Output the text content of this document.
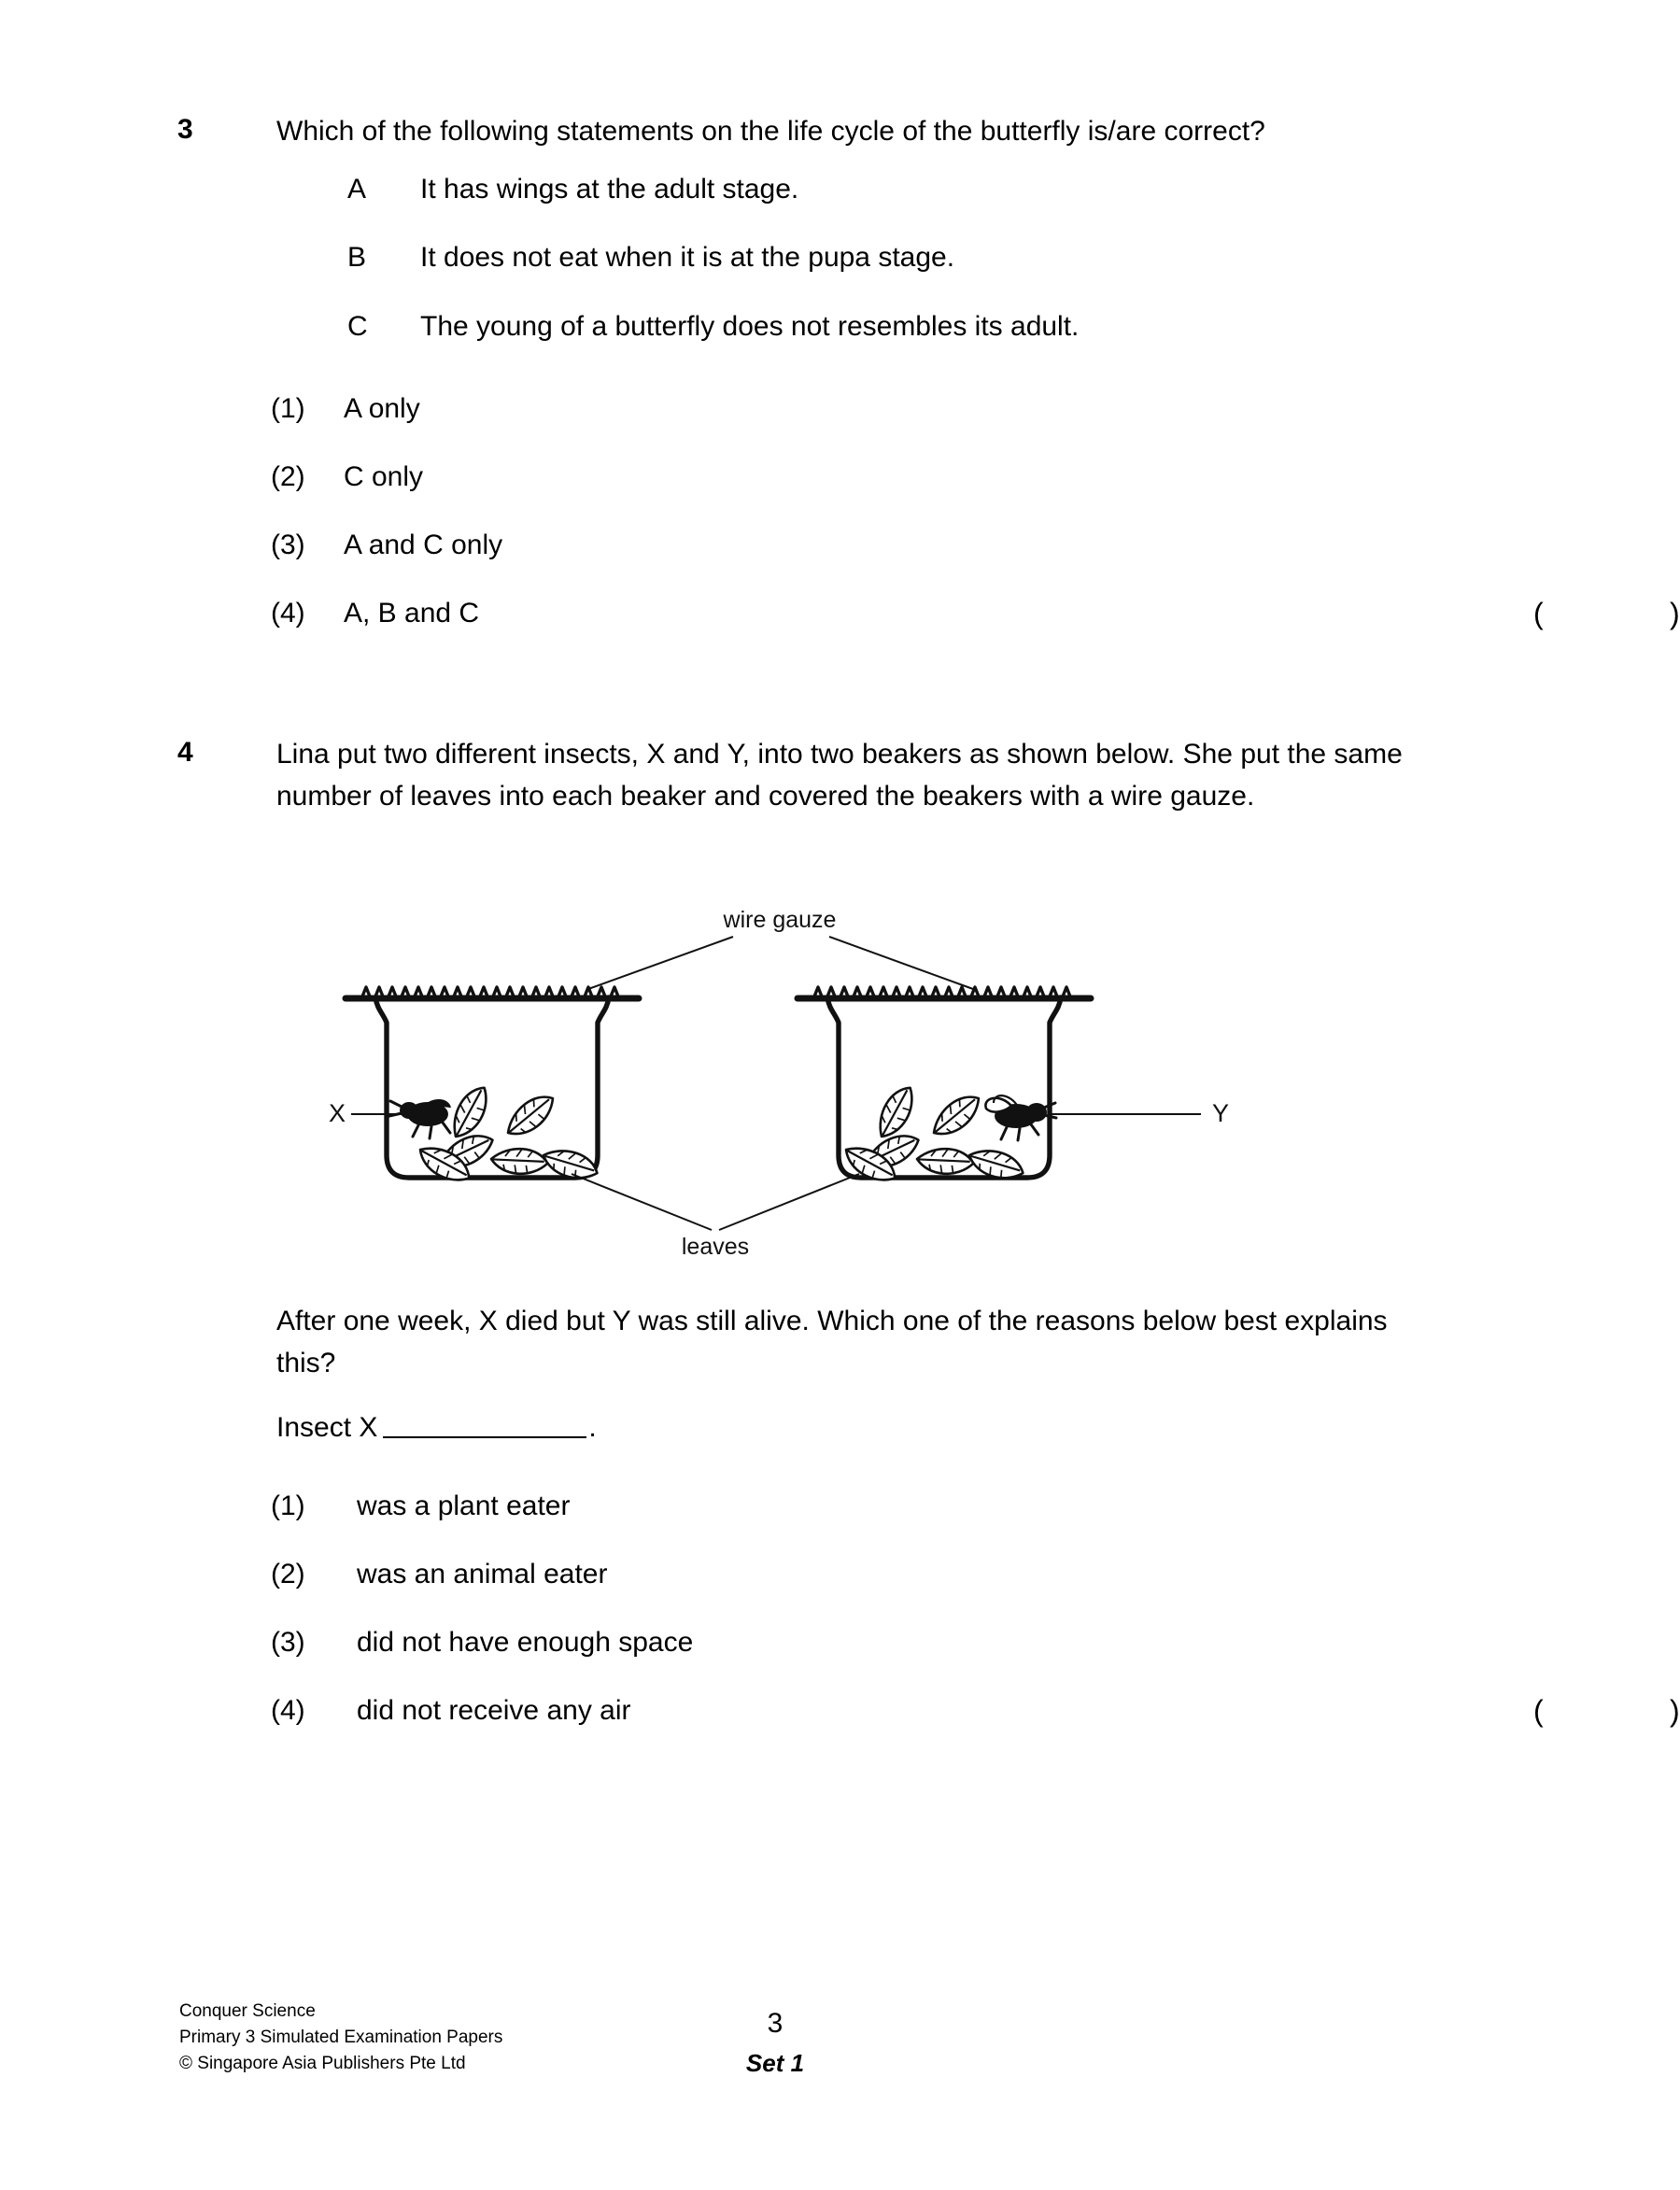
3	Which of the following statements on the life cycle of the butterfly is/are correct?
A	It has wings at the adult stage.
B	It does not eat when it is at the pupa stage.
C	The young of a butterfly does not resembles its adult.
(1)	A only
(2)	C only
(3)	A and C only
(4)	A, B and C	(	)
4	Lina put two different insects, X and Y, into two beakers as shown below. She put the same number of leaves into each beaker and covered the beakers with a wire gauze.
wire gauze
X	Y
leaves
After one week, X died but Y was still alive. Which one of the reasons below best explains this?
Insect X	.
(1)	was a plant eater
(2)	was an animal eater
(3)	did not have enough space
(4)	did not receive any air	(	)
Conquer Science
Primary 3 Simulated Examination Papers
© Singapore Asia Publishers Pte Ltd
3
Set 1
